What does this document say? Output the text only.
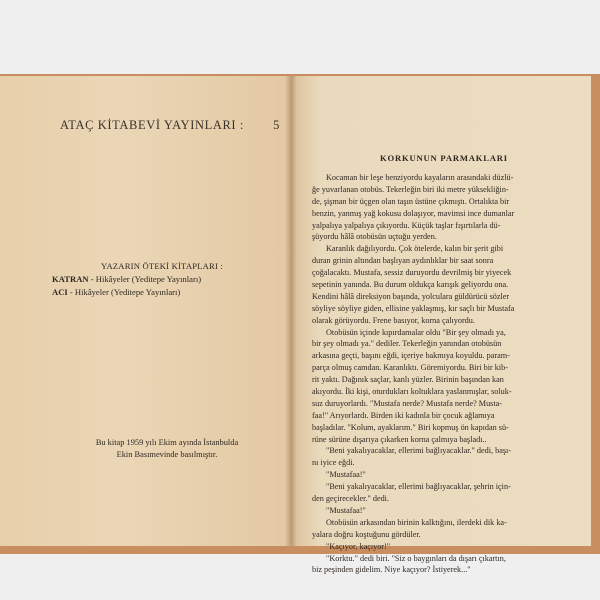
ATAÇ KİTABEVİ YAYINLARI : 5
YAZARIN ÖTEKİ KİTAPLARI :
KATRAN - Hikâyeler (Yeditepe Yayınları)
ACI - Hikâyeler (Yeditepe Yayınları)
Bu kitap 1959 yılı Ekim ayında İstanbulda
Ekin Basımevinde basılmıştır.
KORKUNUN PARMAKLARI
Kocaman bir leşe benziyordu kayaların arasındaki düzlü-
ğe yuvarlanan otobüs. Tekerleğin biri iki metre yüksekliğin-
de, şişman bir üçgen olan taşın üstüne çıkmıştı. Ortalıkta bir
benzin, yanmış yağ kokusu dolaşıyor, mavimsi ince dumanlar
yalpalıya yalpalıya çıkıyordu. Küçük taşlar fışırtılarla dü-
şüyordu hâlâ otobüsün uçtuğu yerden.
Karanlık dağılıyordu. Çok ötelerde, kalın bir şerit gibi
duran grinin altından başlıyan aydınlıklar bir saat sonra
çoğalacaktı. Mustafa, sessiz duruyordu devrilmiş bir yiyecek
sepetinin yanında. Bu durum oldukça karışık geliyordu ona.
Kendini hâlâ direksiyon başında, yolculara güldürücü sözler
söyliye söyliye giden, ellisine yaklaşmış, kır saçlı bir Mustafa
olarak görüyordu. Frene basıyor, korna çalıyordu.
Otobüsün içinde kıpırdamalar oldu "Bir şey olmadı ya,
bir şey olmadı ya." dediler. Tekerleğin yanından otobüsün
arkasına geçti, başını eğdi, içeriye bakmıya koyuldu. param-
parça olmuş camdan. Karanlıktı. Göremiyordu. Biri bir kib-
rit yaktı. Dağınık saçlar, kanlı yüzler. Birinin başından kan
akıyordu. İki kişi, oturdukları koltuklara yaslanmışlar, soluk-
suz duruyorlardı. "Mustafa nerde? Mustafa nerde? Musta-
faa!" Arıyorlardı. Birden iki kadınla bir çocuk ağlamıya
başladılar. "Kolum, ayaklarım." Biri kopmuş ön kapıdan sü-
rüne sürüne dışarıya çıkarken korna çalmıya başladı..
"Beni yakalıyacaklar, ellerimi bağlıyacaklar." dedi, başı-
nı iyice eğdi.
"Mustafaa!"
"Beni yakalıyacaklar, ellerimi bağlıyacaklar, şehrin için-
den geçirecekler." dedi.
"Mustafaa!"
Otobüsün arkasından birinin kalktığını, ilerdeki dik ka-
yalara doğru koştuğunu gördüler.
"Kaçıyor, kaçıyor!"
"Korktu." dedi biri. "Siz o baygınları da dışarı çıkartın,
biz peşinden gidelim. Niye kaçıyor? İstiyerek..."
